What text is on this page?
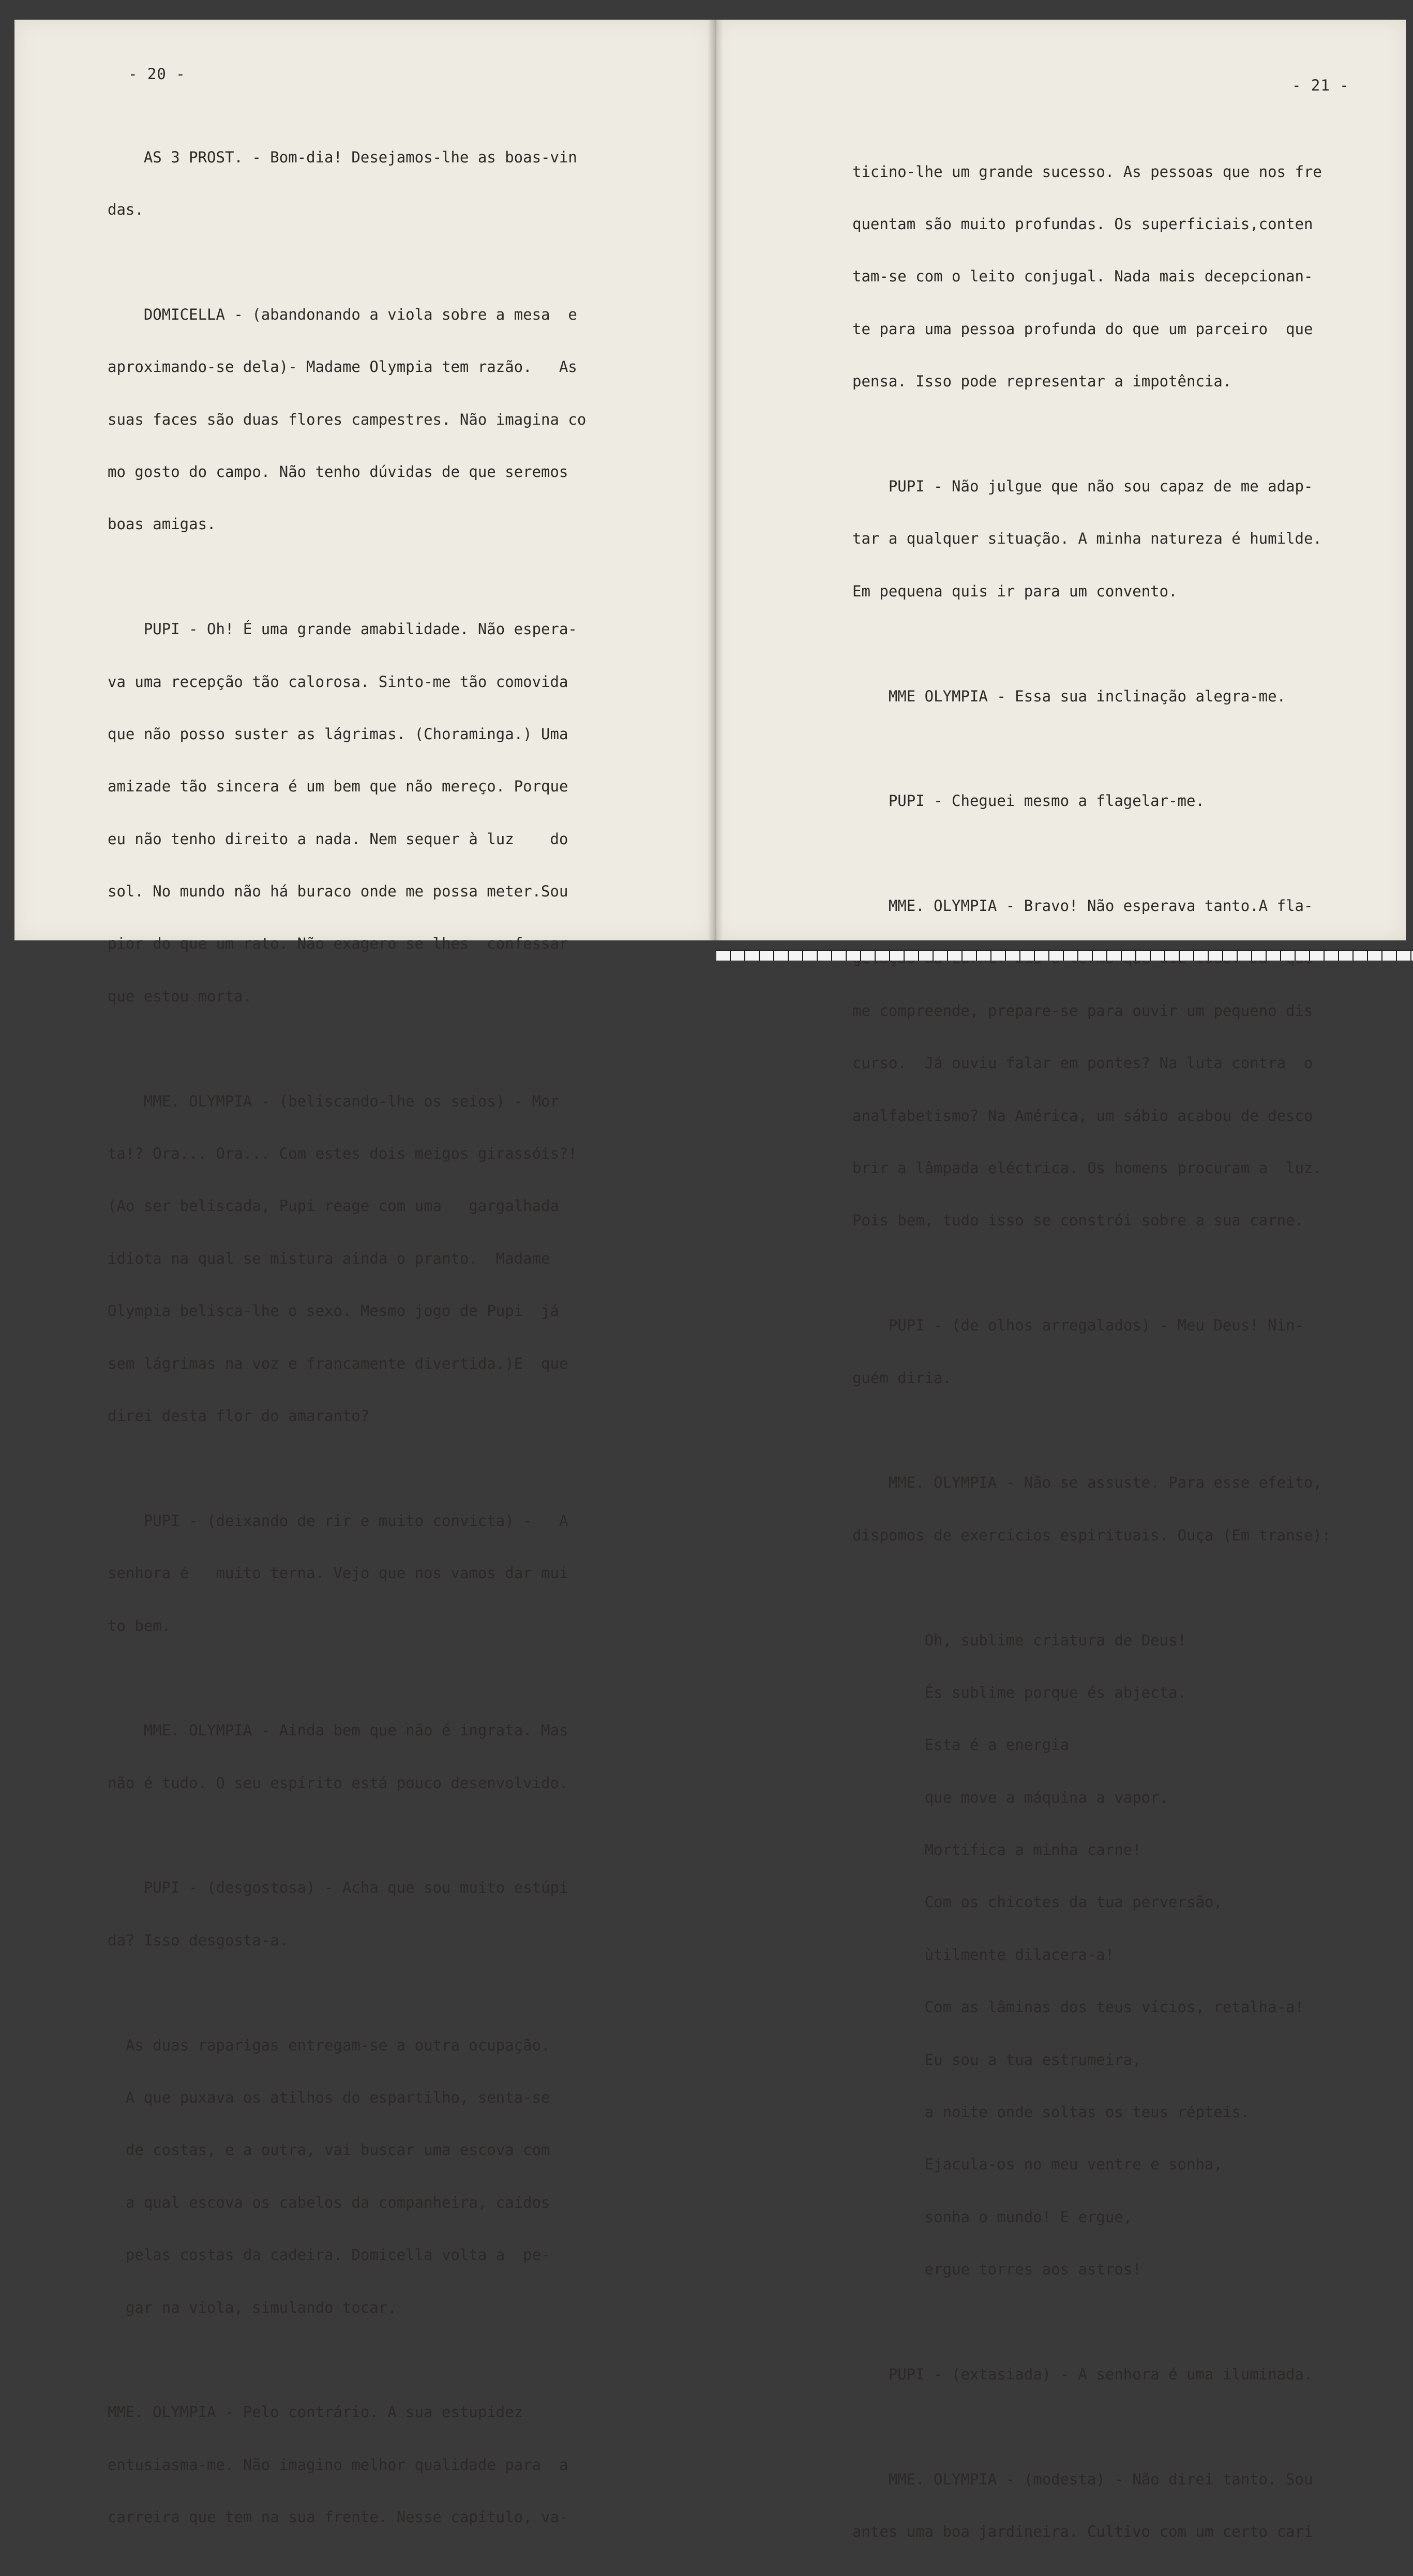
- 20 -

AS 3 PROST. - Bom-dia! Desejamos-lhe as boas-vin

das.

DOMICELLA - (abandonando a viola sobre a mesa  e

aproximando-se dela)- Madame Olympia tem razão.   As

suas faces são duas flores campestres. Não imagina co

mo gosto do campo. Não tenho dúvidas de que seremos

boas amigas.

PUPI - Oh! É uma grande amabilidade. Não espera-

va uma recepção tão calorosa. Sinto-me tão comovida

que não posso suster as lágrimas. (Choraminga.) Uma

amizade tão sincera é um bem que não mereço. Porque

eu não tenho direito a nada. Nem sequer à luz    do

sol. No mundo não há buraco onde me possa meter.Sou

pior do que um rato. Não exagero se lhes  confessar

que estou morta.

MME. OLYMPIA - (beliscando-lhe os seios) - Mor

ta!? Ora... Ora... Com estes dois meigos girassóis?!

(Ao ser beliscada, Pupi reage com uma   gargalhada

idiota na qual se mistura ainda o pranto.  Madame

Olympia belisca-lhe o sexo. Mesmo jogo de Pupi  já

sem lágrimas na voz e francamente divertida.)E  que

direi desta flor do amaranto?

PUPI - (deixando de rir e muito convicta) -   A

senhora é   muito terna. Vejo que nos vamos dar mui

to bem.

MME. OLYMPIA - Ainda bem que não é ingrata. Mas

não é tudo. O seu espírito está pouco desenvolvido.

PUPI - (desgostosa) - Acha que sou muito estúpi

da? Isso desgosta-a.

As duas raparigas entregam-se a outra ocupação.

A que puxava os atilhos do espartilho, senta-se

de costas, e a outra, vai buscar uma escova com

a qual escova os cabelos da companheira, caídos

pelas costas da cadeira. Domicella volta a  pe-

gar na viola, simulando tocar.

MME. OLYMPIA - Pelo contrário. A sua estupidez

entusiasma-me. Não imagino melhor qualidade para  a

carreira que tem na sua frente. Nesse capítulo, va-

- 21 -

ticino-lhe um grande sucesso. As pessoas que nos fre

quentam são muito profundas. Os superficiais,conten

tam-se com o leito conjugal. Nada mais decepcionan-

te para uma pessoa profunda do que um parceiro  que

pensa. Isso pode representar a impotência.

PUPI - Não julgue que não sou capaz de me adap-

tar a qualquer situação. A minha natureza é humilde.

Em pequena quis ir para um convento.

MME OLYMPIA - Essa sua inclinação alegra-me.

PUPI - Cheguei mesmo a flagelar-me.

MME. OLYMPIA - Bravo! Não esperava tanto.A fla-

me compreende, prepare-se para ouvir um pequeno dis

curso.  Já ouviu falar em pontes? Na luta contra  o

analfabetismo? Na América, um sábio acabou de desco

brir a lâmpada eléctrica. Os homens procuram a  luz.

Pois bem, tudo isso se constrói sobre a sua carne.

PUPI - (de olhos arregalados) - Meu Deus! Nin-

guém diria.

MME. OLYMPIA - Não se assuste. Para esse efeito,

dispomos de exercícios espirituais. Ouça (Em transe):

Oh, sublime criatura de Deus!

És sublime porque és abjecta.

Esta é a energia

que move a máquina a vapor.

Mortifica a minha carne!

Com os chicotes da tua perversão,

ùtilmente dilacera-a!

Com as lâminas dos teus vícios, retalha-a!

Eu sou a tua estrumeira,

a noite onde soltas os teus répteis.

Ejacula-os no meu ventre e sonha,

sonha o mundo! E ergue,

ergue torres aos astros!

PUPI - (extasiada) - A senhora é uma iluminada.

MME. OLYMPIA - (modesta) - Não direi tanto. Sou

antes uma boa jardineira. Cultivo com um certo cari
